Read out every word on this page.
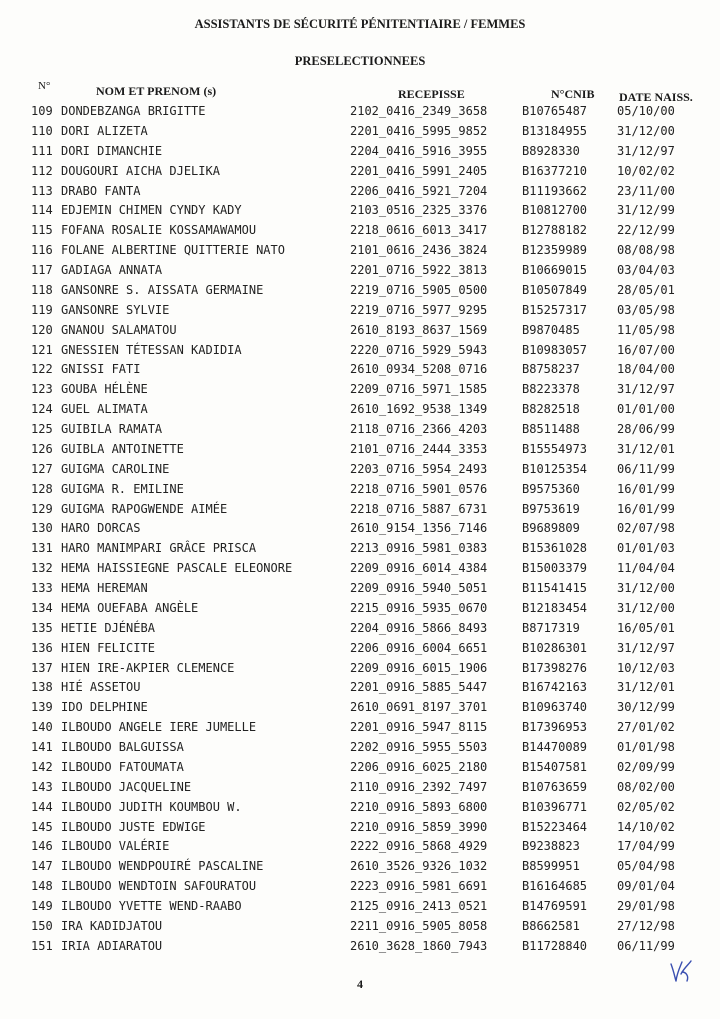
ASSISTANTS DE SÉCURITÉ PÉNITENTIAIRE / FEMMES
PRESELECTIONNEES
N°	NOM ET PRENOM (s)	RECEPISSE	N°CNIB DATE NAISS.
109 DONDEBZANGA BRIGITTE	2102_0416_2349_3658	B10765487 05/10/00
110 DORI ALIZETA	2201_0416_5995_9852	B13184955 31/12/00
111 DORI DIMANCHIE	2204_0416_5916_3955	B8928330	31/12/97
112 DOUGOURI AICHA DJELIKA	2201_0416_5991_2405	B16377210 10/02/02
113 DRABO FANTA	2206_0416_5921_7204	B11193662 23/11/00
114 EDJEMIN CHIMEN CYNDY KADY	2103_0516_2325_3376	B10812700 31/12/99
115 FOFANA ROSALIE KOSSAMAWAMOU	2218_0616_6013_3417	B12788182 22/12/99
116 FOLANE ALBERTINE QUITTERIE NATO	2101_0616_2436_3824	B12359989 08/08/98
117 GADIAGA ANNATA	2201_0716_5922_3813	B10669015 03/04/03
118 GANSONRE S. AISSATA GERMAINE	2219_0716_5905_0500	B10507849 28/05/01
119 GANSONRE SYLVIE	2219_0716_5977_9295	B15257317 03/05/98
120 GNANOU SALAMATOU	2610_8193_8637_1569	B9870485	11/05/98
121 GNESSIEN TÉTESSAN KADIDIA	2220_0716_5929_5943	B10983057 16/07/00
122 GNISSI FATI	2610_0934_5208_0716	B8758237	18/04/00
123 GOUBA HÉLÈNE	2209_0716_5971_1585	B8223378	31/12/97
124 GUEL ALIMATA	2610_1692_9538_1349	B8282518	01/01/00
125 GUIBILA RAMATA	2118_0716_2366_4203	B8511488	28/06/99
126 GUIBLA ANTOINETTE	2101_0716_2444_3353	B15554973 31/12/01
127 GUIGMA CAROLINE	2203_0716_5954_2493	B10125354 06/11/99
128 GUIGMA R. EMILINE	2218_0716_5901_0576	B9575360	16/01/99
129 GUIGMA RAPOGWENDE AIMÉE	2218_0716_5887_6731	B9753619	16/01/99
130 HARO DORCAS	2610_9154_1356_7146	B9689809	02/07/98
131 HARO MANIMPARI GRÂCE PRISCA	2213_0916_5981_0383	B15361028 01/01/03
132 HEMA HAISSIEGNE PASCALE ELEONORE	2209_0916_6014_4384	B15003379 11/04/04
133 HEMA HEREMAN	2209_0916_5940_5051	B11541415 31/12/00
134 HEMA OUEFABA ANGÈLE	2215_0916_5935_0670	B12183454 31/12/00
135 HETIE DJÉNÉBA	2204_0916_5866_8493	B8717319	16/05/01
136 HIEN FELICITE	2206_0916_6004_6651	B10286301 31/12/97
137 HIEN IRE-AKPIER CLEMENCE	2209_0916_6015_1906	B17398276 10/12/03
138 HIÉ ASSETOU	2201_0916_5885_5447	B16742163 31/12/01
139 IDO DELPHINE	2610_0691_8197_3701	B10963740 30/12/99
140 ILBOUDO ANGELE IERE JUMELLE	2201_0916_5947_8115	B17396953 27/01/02
141 ILBOUDO BALGUISSA	2202_0916_5955_5503	B14470089 01/01/98
142 ILBOUDO FATOUMATA	2206_0916_6025_2180	B15407581 02/09/99
143 ILBOUDO JACQUELINE	2110_0916_2392_7497	B10763659 08/02/00
144 ILBOUDO JUDITH KOUMBOU W.	2210_0916_5893_6800	B10396771 02/05/02
145 ILBOUDO JUSTE EDWIGE	2210_0916_5859_3990	B15223464 14/10/02
146 ILBOUDO VALÉRIE	2222_0916_5868_4929	B9238823	17/04/99
147 ILBOUDO WENDPOUIRÉ PASCALINE	2610_3526_9326_1032	B8599951	05/04/98
148 ILBOUDO WENDTOIN SAFOURATOU	2223_0916_5981_6691	B16164685 09/01/04
149 ILBOUDO YVETTE WEND-RAABO	2125_0916_2413_0521	B14769591 29/01/98
150 IRA KADIDJATOU	2211_0916_5905_8058	B8662581	27/12/98
151 IRIA ADIARATOU	2610_3628_1860_7943	B11728840 06/11/99
4
